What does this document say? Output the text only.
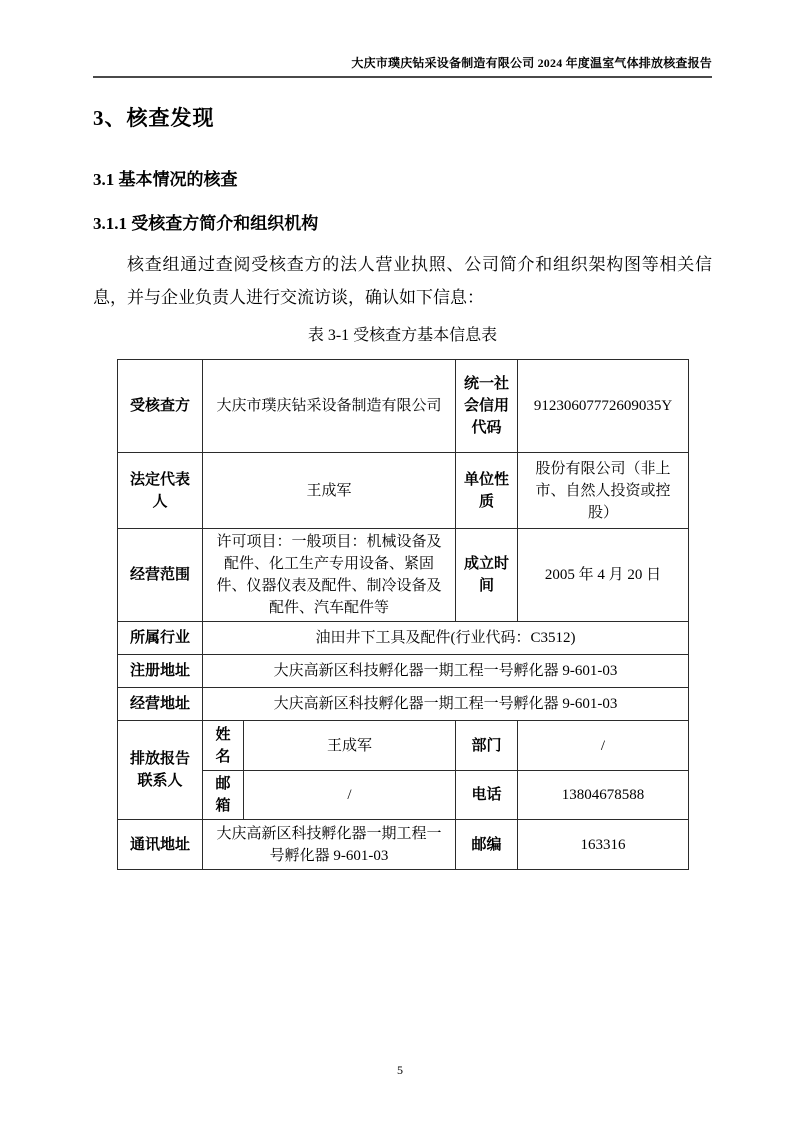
大庆市璞庆钻采设备制造有限公司 2024 年度温室气体排放核查报告
3、核查发现
3.1 基本情况的核查
3.1.1 受核查方简介和组织机构
核查组通过查阅受核查方的法人营业执照、公司简介和组织架构图等相关信息，并与企业负责人进行交流访谈，确认如下信息：
表 3-1 受核查方基本信息表
受核查方	大庆市璞庆钻采设备制造有限公司		统一社会信用代码	91230607772609035Y
法定代表人	王成军		单位性质	股份有限公司（非上市、自然人投资或控股）
经营范围	许可项目：一般项目：机械设备及配件、化工生产专用设备、紧固件、仪器仪表及配件、制冷设备及配件、汽车配件等		成立时间	2005 年 4 月 20 日
所属行业	油田井下工具及配件(行业代码：C3512)			
注册地址	大庆高新区科技孵化器一期工程一号孵化器 9-601-03			
经营地址	大庆高新区科技孵化器一期工程一号孵化器 9-601-03			
排放报告联系人	姓名	王成军	部门	/
	邮箱	/	电话	13804678588
通讯地址	大庆高新区科技孵化器一期工程一号孵化器 9-601-03		邮编	163316
5
